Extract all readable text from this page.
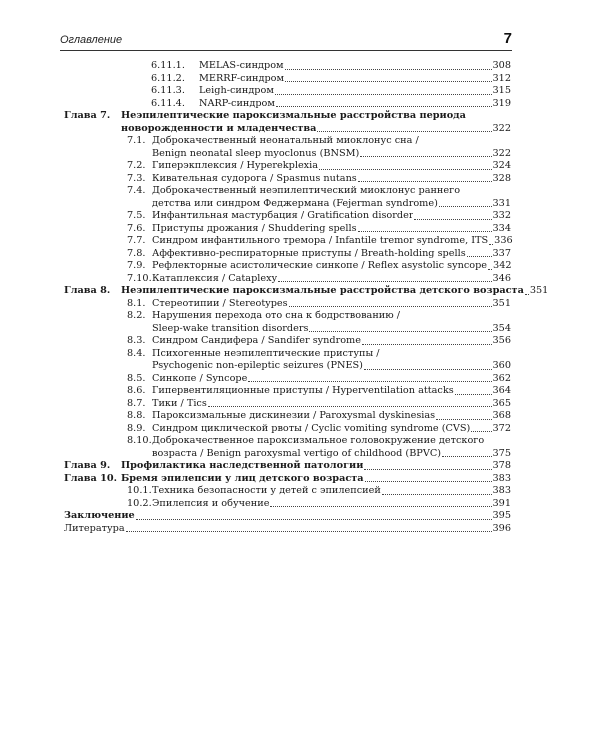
Оглавление	7
6.11.1. MELAS-синдром	308
6.11.2. MERRF-синдром	312
6.11.3. Leigh-синдром	315
6.11.4. NARP-синдром	319
Глава 7. Неэпилептические пароксизмальные расстройства периода
новорожденности и младенчества	322
7.1. Доброкачественный неонатальный миоклонус сна /
Benign neonatal sleep myoclonus (BNSM)	322
7.2. Гиперэкплексия / Hyperekplexia	324
7.3. Кивательная судорога / Spasmus nutans	328
7.4. Доброкачественный неэпилептический миоклонус раннего
детства или синдром Феджермана (Fejerman syndrome)	331
7.5. Инфантильная мастурбация / Gratification disorder	332
7.6. Приступы дрожания / Shuddering spells	334
7.7. Синдром инфантильного тремора / Infantile tremor syndrome, ITS 336
7.8. Аффективно-респираторные приступы / Breath-holding spells	337
7.9. Рефлекторные асистолические синкопе / Reflex asystolic syncope 342
7.10. Катаплексия / Cataplexy	346
Глава 8. Неэпилептические пароксизмальные расстройства детского возраста 351
8.1. Стереотипии / Stereotypes	351
8.2. Нарушения перехода ото сна к бодрствованию /
Sleep-wake transition disorders	354
8.3. Синдром Сандифера / Sandifer syndrome	356
8.4. Психогенные неэпилептические приступы /
Psychogenic non-epileptic seizures (PNES)	360
8.5. Синкопе / Syncope	362
8.6. Гипервентиляционные приступы / Hyperventilation attacks	364
8.7. Тики / Tics	365
8.8. Пароксизмальные дискинезии / Paroxysmal dyskinesias	368
8.9. Синдром циклической рвоты / Cyclic vomiting syndrome (CVS) 372
8.10. Доброкачественное пароксизмальное головокружение детского
возраста / Benign paroxysmal vertigo of childhood (BPVC)	375
Глава 9. Профилактика наследственной патологии	378
Глава 10. Бремя эпилепсии у лиц детского возраста	383
10.1. Техника безопасности у детей с эпилепсией	383
10.2. Эпилепсия и обучение	391
Заключение	395
Литература	396
